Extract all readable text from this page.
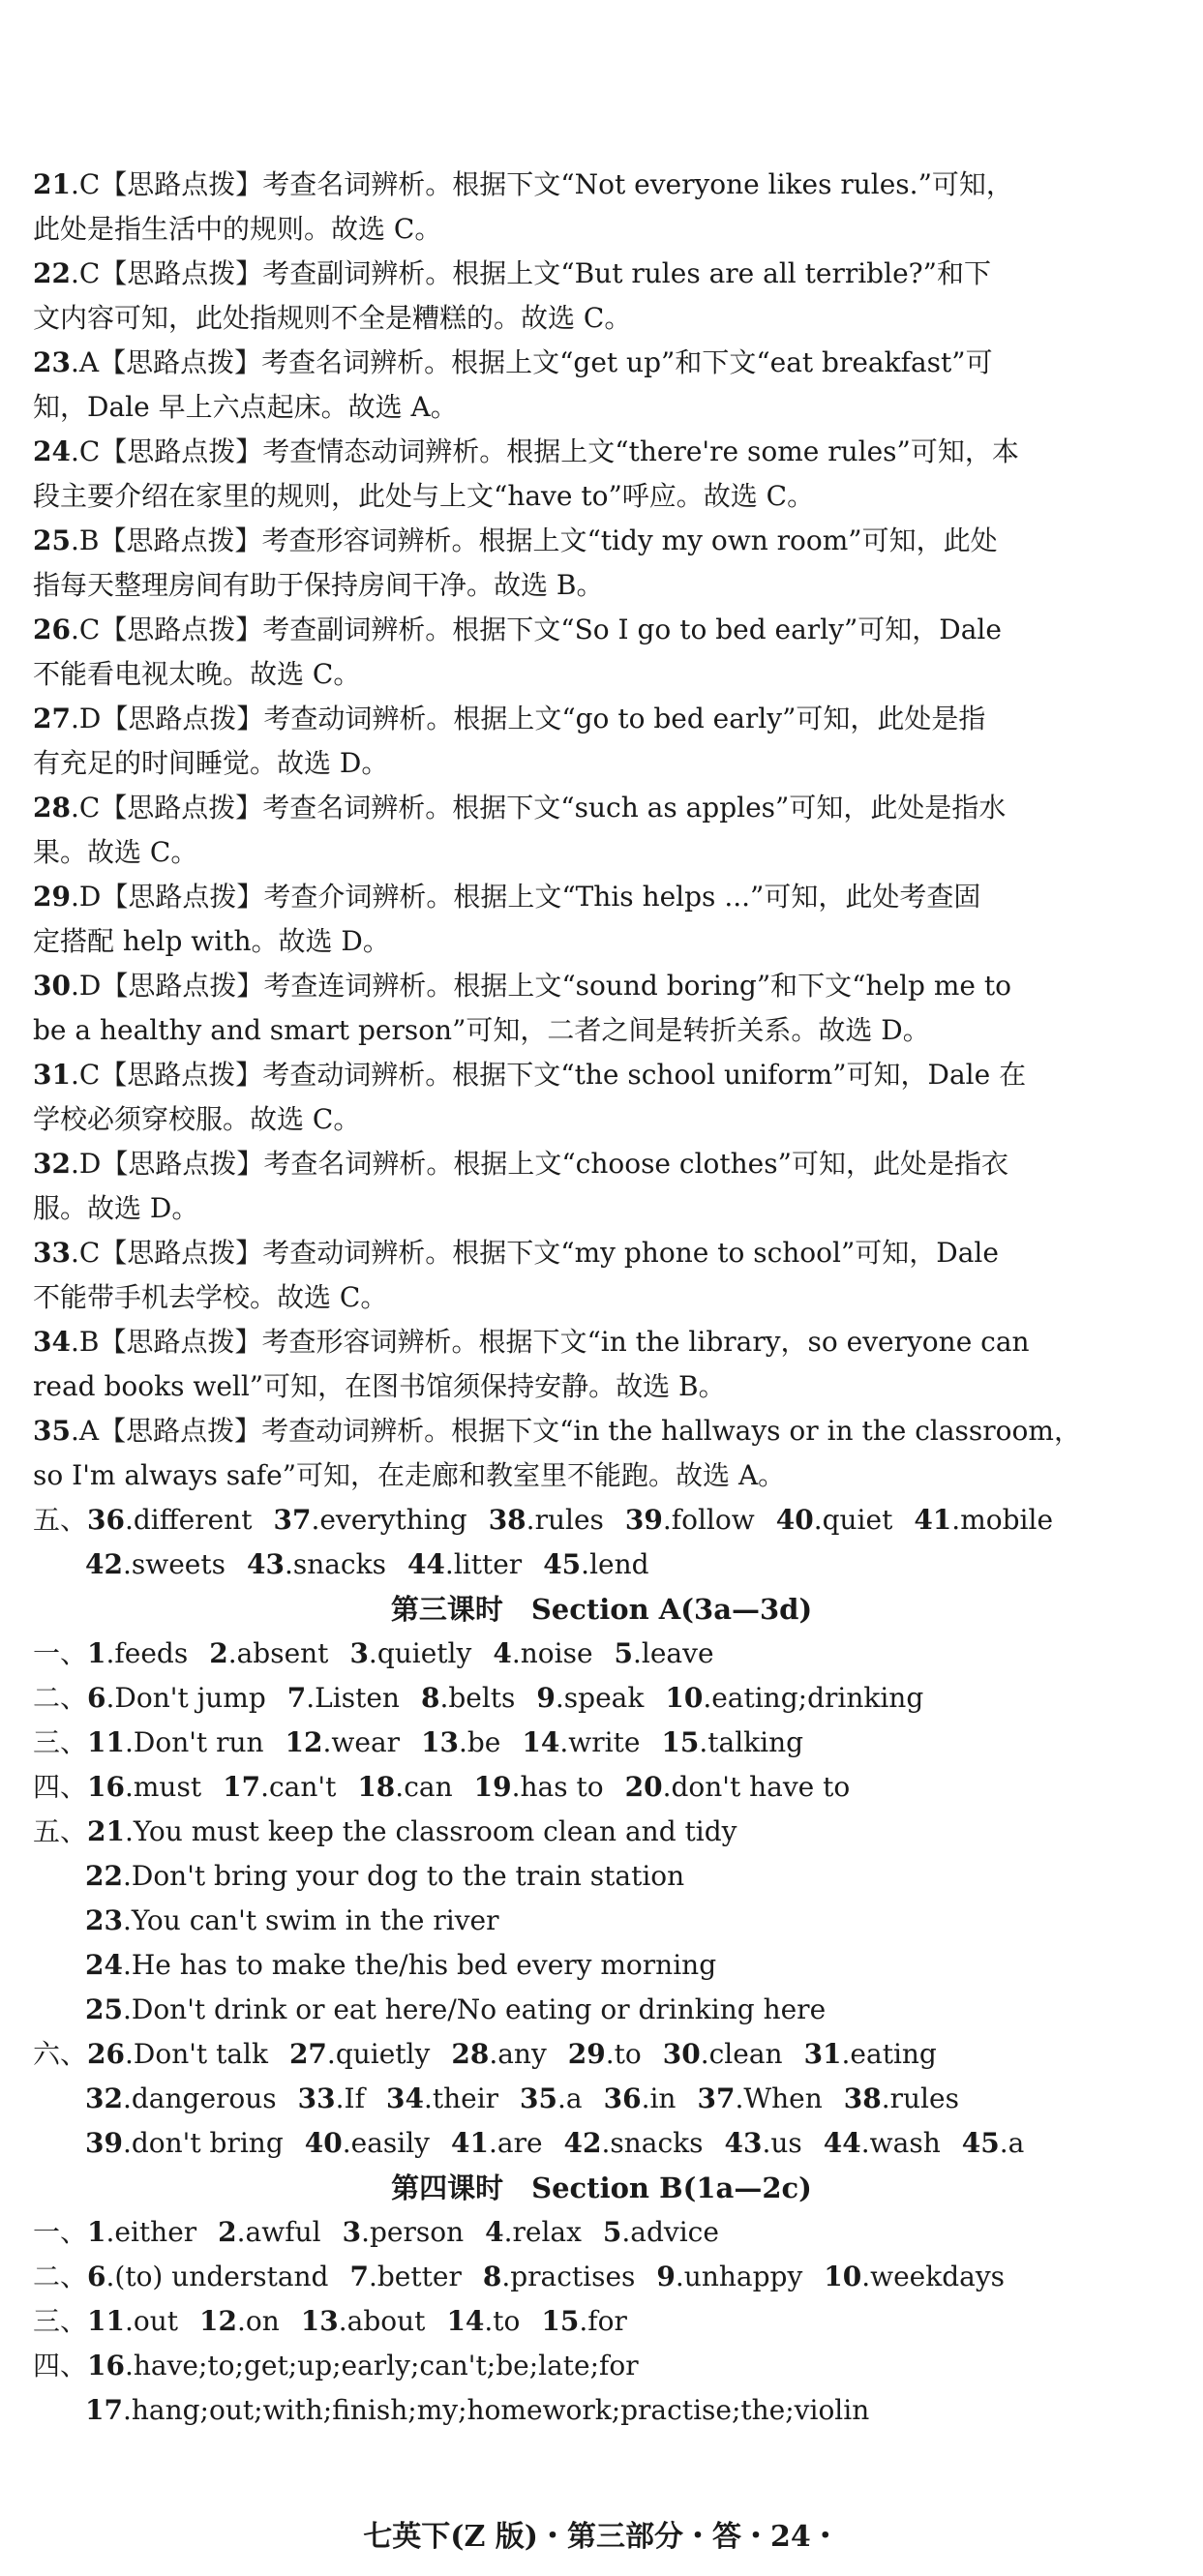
21.C【思路点拨】考查名词辨析。根据下文“Not everyone likes rules.”可知，
此处是指生活中的规则。故选 C。
22.C【思路点拨】考查副词辨析。根据上文“But rules are all terrible?”和下
文内容可知，此处指规则不全是糟糕的。故选 C。
23.A【思路点拨】考查名词辨析。根据上文“get up”和下文“eat breakfast”可
知，Dale 早上六点起床。故选 A。
24.C【思路点拨】考查情态动词辨析。根据上文“there're some rules”可知，本
段主要介绍在家里的规则，此处与上文“have to”呼应。故选 C。
25.B【思路点拨】考查形容词辨析。根据上文“tidy my own room”可知，此处
指每天整理房间有助于保持房间干净。故选 B。
26.C【思路点拨】考查副词辨析。根据下文“So I go to bed early”可知，Dale
不能看电视太晚。故选 C。
27.D【思路点拨】考查动词辨析。根据上文“go to bed early”可知，此处是指
有充足的时间睡觉。故选 D。
28.C【思路点拨】考查名词辨析。根据下文“such as apples”可知，此处是指水
果。故选 C。
29.D【思路点拨】考查介词辨析。根据上文“This helps ...”可知，此处考查固
定搭配 help with。故选 D。
30.D【思路点拨】考查连词辨析。根据上文“sound boring”和下文“help me to
be a healthy and smart person”可知，二者之间是转折关系。故选 D。
31.C【思路点拨】考查动词辨析。根据下文“the school uniform”可知，Dale 在
学校必须穿校服。故选 C。
32.D【思路点拨】考查名词辨析。根据上文“choose clothes”可知，此处是指衣
服。故选 D。
33.C【思路点拨】考查动词辨析。根据下文“my phone to school”可知，Dale
不能带手机去学校。故选 C。
34.B【思路点拨】考查形容词辨析。根据下文“in the library，so everyone can
read books well”可知，在图书馆须保持安静。故选 B。
35.A【思路点拨】考查动词辨析。根据下文“in the hallways or in the classroom，
so I'm always safe”可知，在走廊和教室里不能跑。故选 A。
五、36.different 37.everything 38.rules 39.follow 40.quiet 41.mobile
42.sweets 43.snacks 44.litter 45.lend
第三课时　Section A(3a—3d)
一、1.feeds 2.absent 3.quietly 4.noise 5.leave
二、6.Don't jump 7.Listen 8.belts 9.speak 10.eating;drinking
三、11.Don't run 12.wear 13.be 14.write 15.talking
四、16.must 17.can't 18.can 19.has to 20.don't have to
五、21.You must keep the classroom clean and tidy
22.Don't bring your dog to the train station
23.You can't swim in the river
24.He has to make the/his bed every morning
25.Don't drink or eat here/No eating or drinking here
六、26.Don't talk 27.quietly 28.any 29.to 30.clean 31.eating
32.dangerous 33.If 34.their 35.a 36.in 37.When 38.rules
39.don't bring 40.easily 41.are 42.snacks 43.us 44.wash 45.a
第四课时　Section B(1a—2c)
一、1.either 2.awful 3.person 4.relax 5.advice
二、6.(to) understand 7.better 8.practises 9.unhappy 10.weekdays
三、11.out 12.on 13.about 14.to 15.for
四、16.have;to;get;up;early;can't;be;late;for
17.hang;out;with;finish;my;homework;practise;the;violin
七英下(Z 版)・第三部分・答・24・
